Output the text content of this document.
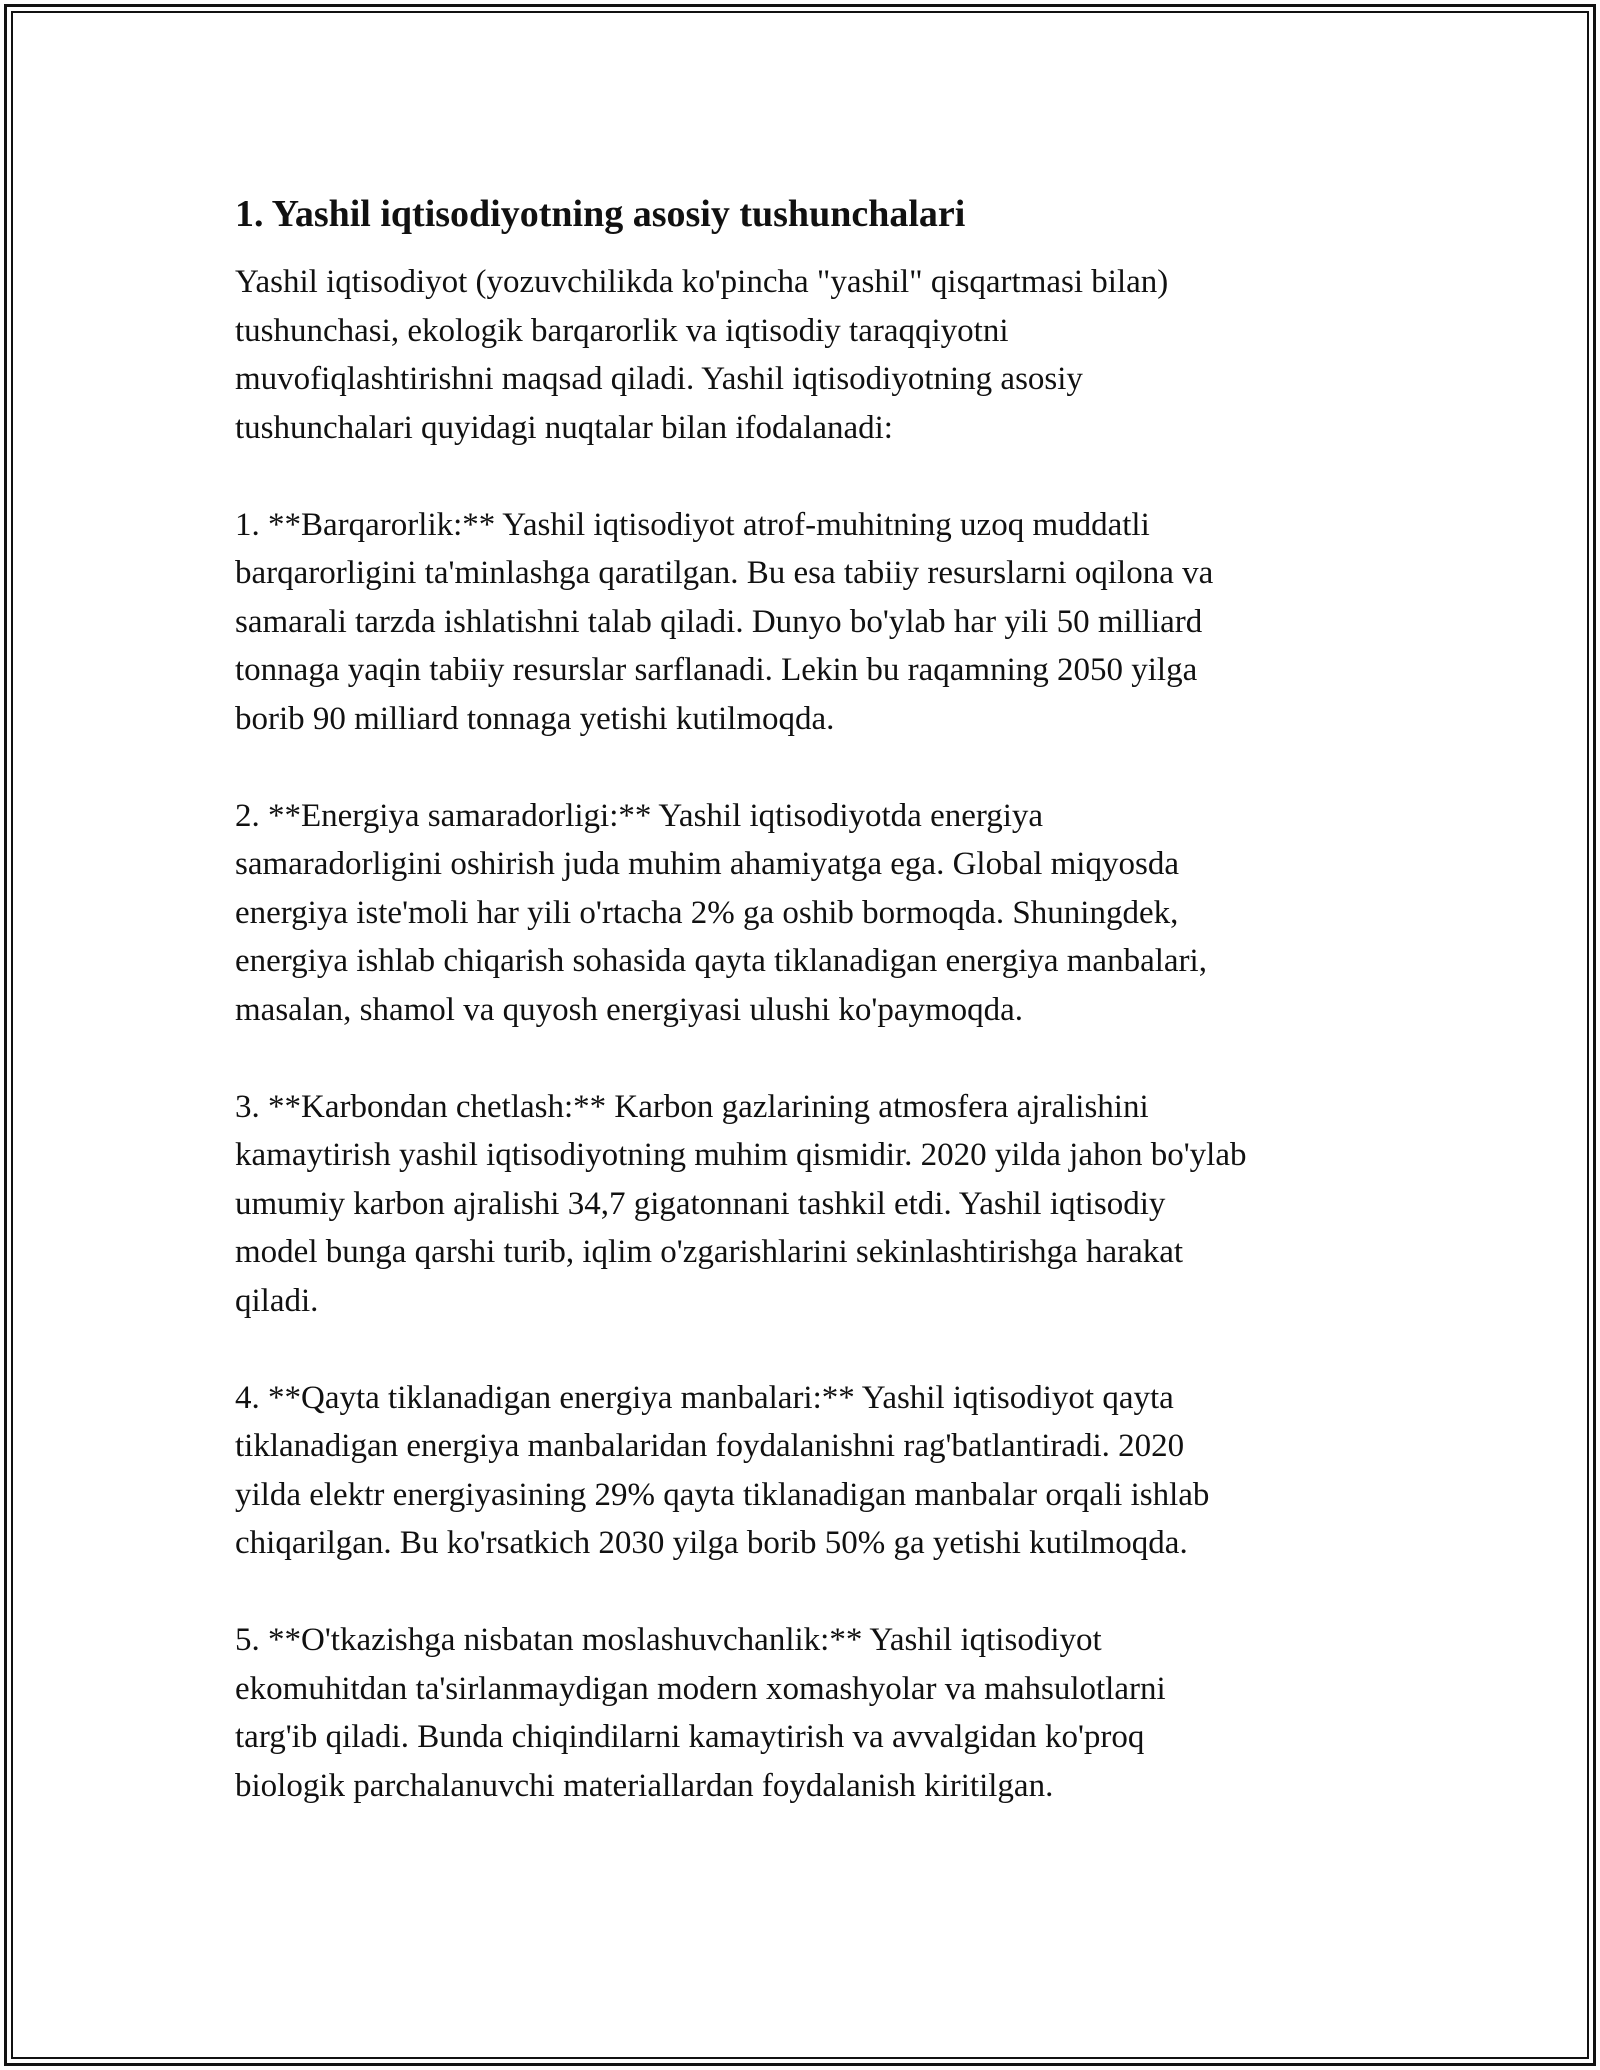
1. Yashil iqtisodiyotning asosiy tushunchalari

Yashil iqtisodiyot (yozuvchilikda ko'pincha "yashil" qisqartmasi bilan)
tushunchasi, ekologik barqarorlik va iqtisodiy taraqqiyotni
muvofiqlashtirishni maqsad qiladi. Yashil iqtisodiyotning asosiy
tushunchalari quyidagi nuqtalar bilan ifodalanadi:

1. **Barqarorlik:** Yashil iqtisodiyot atrof-muhitning uzoq muddatli
barqarorligini ta'minlashga qaratilgan. Bu esa tabiiy resurslarni oqilona va
samarali tarzda ishlatishni talab qiladi. Dunyo bo'ylab har yili 50 milliard
tonnaga yaqin tabiiy resurslar sarflanadi. Lekin bu raqamning 2050 yilga
borib 90 milliard tonnaga yetishi kutilmoqda.

2. **Energiya samaradorligi:** Yashil iqtisodiyotda energiya
samaradorligini oshirish juda muhim ahamiyatga ega. Global miqyosda
energiya iste'moli har yili o'rtacha 2% ga oshib bormoqda. Shuningdek,
energiya ishlab chiqarish sohasida qayta tiklanadigan energiya manbalari,
masalan, shamol va quyosh energiyasi ulushi ko'paymoqda.

3. **Karbondan chetlash:** Karbon gazlarining atmosfera ajralishini
kamaytirish yashil iqtisodiyotning muhim qismidir. 2020 yilda jahon bo'ylab
umumiy karbon ajralishi 34,7 gigatonnani tashkil etdi. Yashil iqtisodiy
model bunga qarshi turib, iqlim o'zgarishlarini sekinlashtirishga harakat
qiladi.

4. **Qayta tiklanadigan energiya manbalari:** Yashil iqtisodiyot qayta
tiklanadigan energiya manbalaridan foydalanishni rag'batlantiradi. 2020
yilda elektr energiyasining 29% qayta tiklanadigan manbalar orqali ishlab
chiqarilgan. Bu ko'rsatkich 2030 yilga borib 50% ga yetishi kutilmoqda.

5. **O'tkazishga nisbatan moslashuvchanlik:** Yashil iqtisodiyot
ekomuhitdan ta'sirlanmaydigan modern xomashyolar va mahsulotlarni
targ'ib qiladi. Bunda chiqindilarni kamaytirish va avvalgidan ko'proq
biologik parchalanuvchi materiallardan foydalanish kiritilgan.
